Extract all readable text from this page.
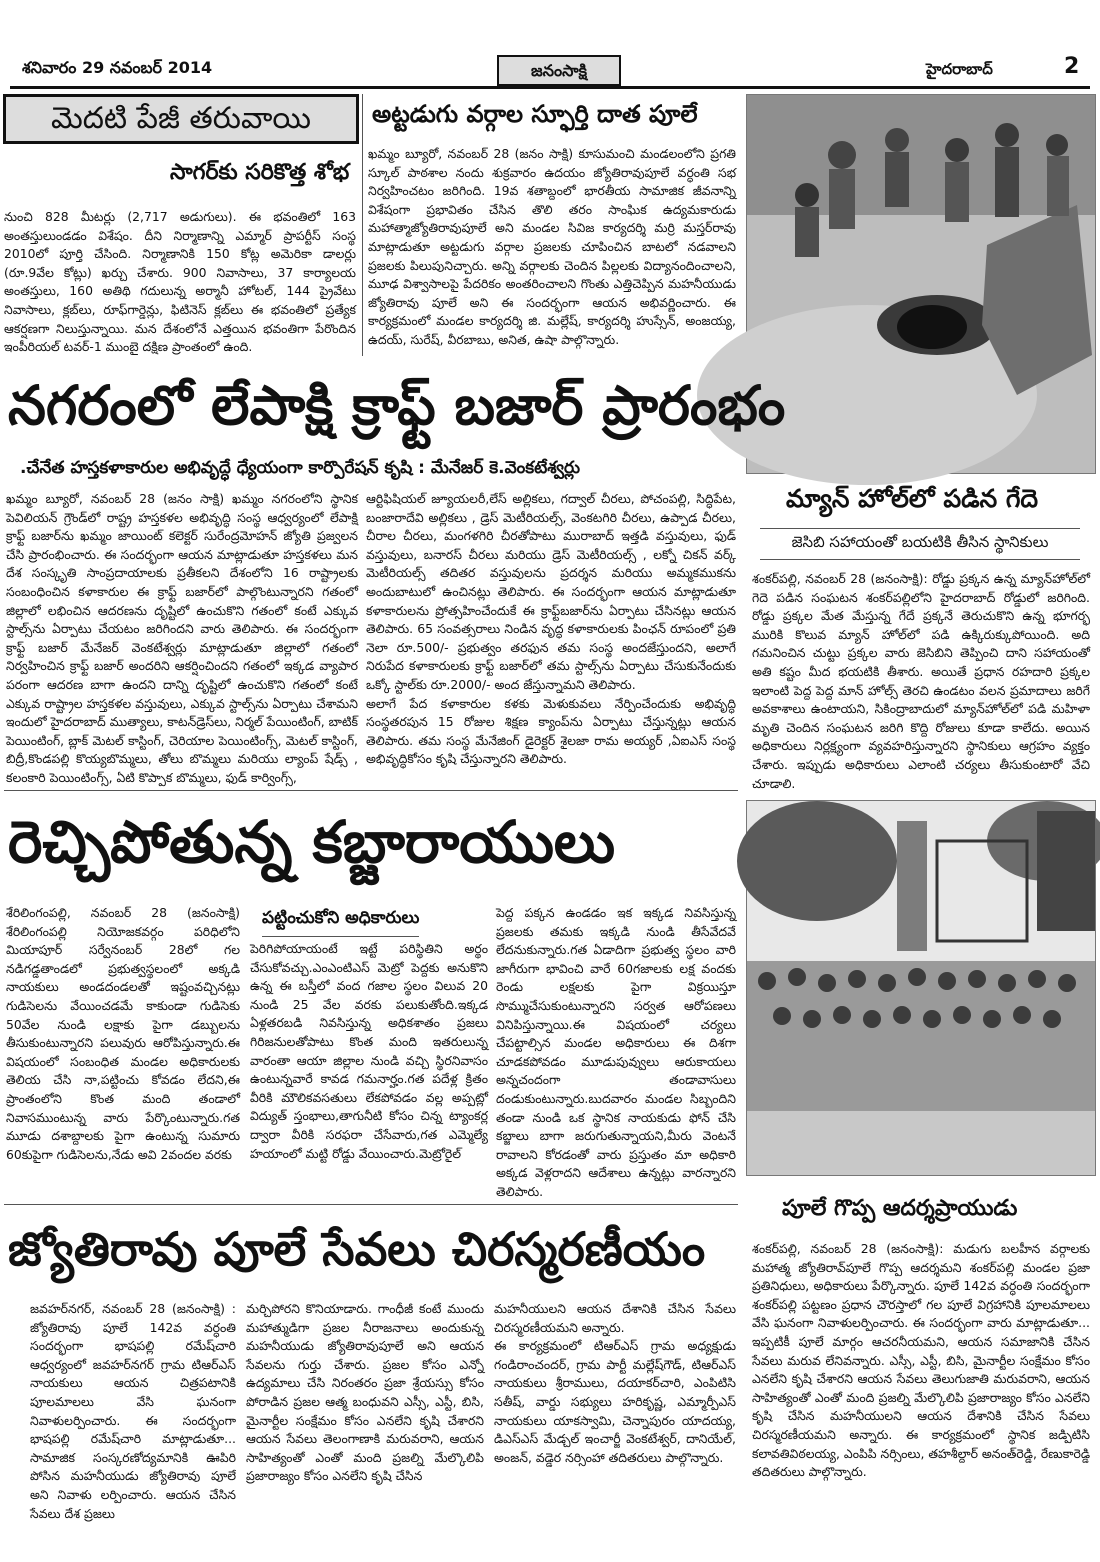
శనివారం 29 నవంబర్ 2014	జనంసాక్షి	హైదరాబాద్	2
మెదటి పేజీ తరువాయి
సాగర్‌కు సరికొత్త శోభ
నుంచి 828 మీటర్లు (2,717 అడుగులు). ఈ భవంతిలో 163 అంతస్తులుండడం విశేషం. దీని నిర్మాణాన్ని ఎమ్మార్‌ ప్రాపర్టీస్‌ సంస్థ 2010లో పూర్తి చేసింది. నిర్మాణానికి 150 కోట్ల అమెరికా డాలర్లు (రూ.9వేల కోట్లు) ఖర్చు చేశారు. 900 నివాసాలు, 37 కార్యాలయ అంతస్తులు, 160 అతిథి గదులున్న అర్మానీ హోటల్‌, 144 ప్రైవేటు నివాసాలు, క్లబ్‌లు, రూఫ్‌గార్డెన్లు, ఫిటినెస్‌ క్లబ్‌లు ఈ భవంతిలో ప్రత్యేక ఆకర్షణగా నిలుస్తున్నాయి. మన దేశంలోనే ఎత్తయిన భవంతిగా పేరొందిన ఇంపీరియల్‌ టవర్‌-1 ముంబై దక్షిణ ప్రాంతంలో ఉంది.
అట్టడుగు వర్గాల స్ఫూర్తి దాత పూలే
ఖమ్మం బ్యూరో, నవంబర్‌ 28 (జనం సాక్షి) కూసుమంచి మండలంలోని ప్రగతి స్కూల్‌ పాఠశాల నందు శుక్రవారం ఉదయం జ్యోతిరావుపూలే వర్ధంతి సభ నిర్వహించటం జరిగింది. 19వ శతాబ్దంలో భారతీయ సామాజిక జీవనాన్ని విశేషంగా ప్రభావితం చేసిన తొలి తరం సాంఘిక ఉద్యమకారుడు మహాత్మాజ్యోతిరావుపూలే అని మండల సివిజ కార్యదర్శి మర్రి మస్తర్‌రావు మాట్లాడుతూ అట్టడుగు వర్గాల ప్రజలకు చూపించిన బాటలో నడవాలని ప్రజలకు పిలుపునిచ్చారు. అన్ని వర్గాలకు చెందిన పిల్లలకు విద్యానందించాలని, మూఢ విశ్వాసాలపై పేదరికం అంతరించాలని గొంతు ఎత్తిచెప్పిన మహనీయుడు జ్యోతిరావు పూలే అని ఈ సందర్భంగా ఆయన అభివర్ణించారు. ఈ కార్యక్రమంలో మండల కార్యదర్శి జి. మల్లేష్‌, కార్యదర్శి హుస్సేన్‌, అంజయ్య, ఉదయ్‌, సురేష్‌, వీరబాబు, అనిత, ఉషా పాల్గొన్నారు.
నగరంలో లేపాక్షి క్రాఫ్ట్‌ బజార్‌ ప్రారంభం
.చేనేత హస్తకళాకారుల అభివృద్ధే ధ్యేయంగా కార్పొరేషన్‌ కృషి : మేనేజర్‌ కె.వెంకటేశ్వర్లు
ఖమ్మం బ్యూరో, నవంబర్‌ 28 (జనం సాక్షి) ఖమ్మం నగరంలోని స్థానిక పెవిలియన్‌ గ్రౌండ్‌లో రాష్ట్ర హస్తకళల అభివృద్ధి సంస్థ ఆధ్వర్యంలో లేపాక్షి క్రాఫ్ట్‌ బజార్‌ను ఖమ్మం జాయింట్‌ కలెక్టర్‌ సురేంద్రమోహన్‌ జ్యోతి ప్రజ్వలన చేసి ప్రారంభించారు. ఈ సందర్భంగా ఆయన మాట్లాడుతూ హస్తకళలు మన దేశ సంస్కృతి సాంప్రదాయాలకు ప్రతీకలని దేశంలోని 16 రాష్ట్రాలకు సంబంధించిన కళాకారుల ఈ క్రాఫ్ట్‌ బజార్‌లో పాల్గొంటున్నారని గతంలో జిల్లాలో లభించిన ఆదరణను దృష్టిలో ఉంచుకొని గతంలో కంటే ఎక్కువ స్టాల్స్‌ను ఏర్పాటు చేయటం జరిగిందని వారు తెలిపారు. ఈ సందర్భంగా క్రాఫ్ట్‌ బజార్‌ మేనేజర్‌ వెంకటేశ్వర్లు మాట్లాడుతూ జిల్లాలో గతంలో నిర్వహించిన క్రాఫ్ట్‌ బజార్‌ అందరిని ఆకర్షించిందని గతంలో ఇక్కడ వ్యాపార పరంగా ఆదరణ బాగా ఉందని దాన్ని దృష్టిలో ఉంచుకొని గతంలో కంటే ఎక్కువ రాష్ట్రాల హస్తకళల వస్తువులు, ఎక్కువ స్టాల్స్‌ను ఏర్పాటు చేశామని ఇందులో హైదరాబాద్‌ ముత్యాలు, కాటన్‌డ్రెస్‌లు, నిర్మల్‌ పేయింటింగ్‌, బాటిక్‌ పెయింటింగ్‌, బ్లాక్‌ మెటల్‌ కాస్టింగ్‌, చెరియాల పెయింటింగ్స్‌, మెటల్‌ కాస్టింగ్‌, బిద్రీ,కొండపల్లి కొయ్యబొమ్మలు, తోలు బొమ్మలు మరియు ల్యాంప్‌ షేడ్స్‌ , కలంకారి పెయింటింగ్స్‌, ఏటి కొప్పాక బొమ్మలు, ఫుడ్‌ కార్వింగ్స్‌,
ఆర్టిఫిషియల్‌ జ్యూయలరీ,లేస్‌ అల్లికలు, గద్వాల్‌ చీరలు, పోచంపల్లి, సిద్ధిపేట, బంజారాదేవి అల్లికలు , డ్రెస్‌ మెటీరియల్స్‌, వెంకటగిరి చీరలు, ఉప్పాడ చీరలు, చీరాల చీరలు, మంగళగిరి చీరతోపాటు మురాబాద్‌ ఇత్తడి వస్తువులు, ఫుడ్‌ వస్తువులు, బనారస్‌ చీరలు మరియు డ్రెస్‌ మెటీరియల్స్‌ , లక్నో చికన్‌ వర్క్‌ మెటీరియల్స్‌ తదితర వస్తువులను ప్రదర్శన మరియు అమ్మకముకను అందుబాటులో ఉంచినట్లు తెలిపారు. ఈ సందర్భంగా ఆయన మాట్లాడుతూ కళాకారులను ప్రోత్సహించేందుకే ఈ క్రాఫ్ట్‌బజార్‌ను ఏర్పాటు చేసినట్లు ఆయన తెలిపారు. 65 సంవత్సరాలు నిండిన వృద్ధ కళాకారులకు పింఛన్‌ రూపంలో ప్రతి నెలా రూ.500/- ప్రభుత్వం తరఫున తమ సంస్థ అందజేస్తుందని, అలాగే నిరుపేద కళాకారులకు క్రాఫ్ట్‌ బజార్‌లో తమ స్టాల్స్‌ను ఏర్పాటు చేసుకునేందుకు ఒక్కో స్టాల్‌కు రూ.2000/- అంద జేస్తున్నామని తెలిపారు.
అలాగే పేద కళాకారుల కళకు మెళుకువలు నేర్పించేందుకు అభివృద్ధి సంస్థతరపున 15 రోజుల శిక్షణ క్యాంప్‌ను ఏర్పాటు చేస్తున్నట్లు ఆయన తెలిపారు. తమ సంస్థ మేనేజింగ్‌ డైరెక్టర్‌ శైలజా రామ అయ్యర్‌ ,ఏఐఎస్‌ సంస్థ అభివృద్ధికోసం కృషి చేస్తున్నారని తెలిపారు.
మ్యాన్‌ హోల్‌లో పడిన గేదె
జెసిబి సహాయంతో బయటికి తీసిన స్థానికులు
శంకర్‌పల్లి, నవంబర్‌ 28 (జనంసాక్షి): రోడ్డు ప్రక్కన ఉన్న మ్యాన్‌హోల్‌లో గెదె పడిన సంఘటన శంకర్‌పల్లిలోని హైదరాబాద్‌ రోడ్డులో జరిగింది. రోడ్డు ప్రక్కల మేత మేస్తున్న గేదే ప్రక్కనే తెరుచుకొని ఉన్న భూగర్భ మురికి కొలువ మ్యాన్‌ హోల్‌లో పడి ఉక్కిరుక్కుపోయింది. అది గమనించిన చుట్టు ప్రక్కల వారు జెసిబిని తెప్పించి దాని సహాయంతో అతి కష్టం మీద భయటికి తీశారు. అయితే ప్రధాన రహదారి ప్రక్కల ఇలాంటి పెద్ద పెద్ద మాన్‌ హోల్స్‌ తెరచి ఉండటం వలన ప్రమాదాలు జరిగే అవకాశాలు ఉంటాయని, సికింద్రాబాదులో మ్యాన్‌హోల్‌లో పడి మహిళా మృతి చెందిన సంఘటన జరిగి కొద్ది రోజులు కూడా కాలేదు. అయిన అధికారులు నిర్లక్ష్యంగా వ్యవహరిస్తున్నారని స్థానికులు ఆగ్రహం వ్యక్తం చేశారు. ఇప్పుడు అధికారులు ఎలాంటి చర్యలు తీసుకుంటారో వేచి చూడాలి.
రెచ్చిపోతున్న కబ్జారాయులు
శేరిలింగంపల్లి, నవంబర్‌ 28 (జనంసాక్షి) శేరిలింగంపల్లి నియోజకవర్గం పరిధిలోని మియాపూర్‌ సర్వేనంబర్‌ 28లో గల నడిగడ్డతాండలో ప్రభుత్వస్థలంలో అక్కడి నాయకులు అండదండలతో ఇష్టంవచ్చినట్లు గుడిసెలను వేయించడమే కాకుండా గుడిసెకు 50వేల నుండి లక్షాకు పైగా డబ్బులను తీసుకుంటున్నారని పలువురు ఆరోపిస్తున్నారు.ఈ విషయంలో సంబంధిత మండల అధికారులకు తెలియ చేసి నా,పట్టించు కోవడం లేదని,ఈ ప్రాంతంలోని కొంత మంది తండాలో నివాసముంటున్న వారు పేర్కొంటున్నారు.గత మూడు దశాబ్దాలకు పైగా ఉంటున్న సుమారు 60కుపైగా గుడిసెలను,నేడు అవి 2వందల వరకు
పట్టించుకోని అధికారులు
పెరిగిపోయాయంటే ఇట్టే పరిస్థితిని అర్థం చేసుకోవచ్చు.ఎంఎంటిఎస్‌ మెట్రో పెద్దకు అనుకొని ఉన్న ఈ బస్తీలో వంద గజాల స్థలం విలువ 20 నుండి 25 వేల వరకు పలుకుతోంది.ఇక్కడ ఏళ్లతరబడి నివసిస్తున్న అధికశాతం ప్రజలు గిరిజనులతోపాటు కొంత మంది ఇతరులున్న వారంతా ఆయా జిల్లాల నుండి వచ్చి స్థిరనివాసం ఉంటున్నవారే కావడ గమనార్హం.గత పదేళ్ల క్రితం వీరికి మౌలికవసతులు లేకపోవడం వల్ల అప్పట్లో విద్యుత్‌ స్తంభాలు,తాగునీటి కోసం చిన్న ట్యాంకర్ల ద్వారా వీరికి సరఫరా చేసేవారు,గత ఎమ్మెల్యే హయాంలో మట్టి రోడ్డు వేయించారు.మెట్రోరైల్‌
పెద్ద పక్కన ఉండడం ఇక ఇక్కడ నివసిస్తున్న ప్రజలకు తమకు ఇక్కడి నుండి తీసేవేదవే లేదనుకున్నారు.గత ఏడాదిగా ప్రభుత్వ స్థలం వారి జాగీరుగా భావించి వారే 60గజాలకు లక్ష వందకు రెండు లక్షలకు పైగా విక్రయిస్తూ సొమ్ముచేసుకుంటున్నారని సర్వత ఆరోపణలు వినిపిస్తున్నాయి.ఈ విషయంలో చర్యలు చేపట్టాల్సిన మండల అధికారులు ఈ దిశగా చూడకపోవడం మూడుపువ్వులు ఆరుకాయలు అన్నచందంగా తండావాసులు దండుకుంటున్నారు.బుదవారం మండల సిబ్బందిని తండా నుండి ఒక స్థానిక నాయకుడు ఫోన్‌ చేసి కబ్జాలు బాగా జరుగుతున్నాయని,మీరు వెంటనే రావాలని కోరడంతో వారు ప్రస్తుతం మా అధికారి అక్కడ వెళ్లరాదని ఆదేశాలు ఉన్నట్లు వారన్నారని తెలిపారు.
పూలే గొప్ప ఆదర్శప్రాయుడు
శంకర్‌పల్లి, నవంబర్‌ 28 (జనంసాక్షి): మడుగు బలహీన వర్గాలకు మహాత్మ జ్యోతిరావ్‌పూలే గొప్ప ఆదర్శమని శంకర్‌పల్లి మండల ప్రజా ప్రతినిధులు, అధికారులు పేర్కొన్నారు. పూలే 142వ వర్ధంతి సందర్భంగా శంకర్‌పల్లి పట్టణం ప్రధాన చౌరస్తాలో గల పూలే విగ్రహానికి పూలమాలలు వేసి ఘనంగా నివాళులర్పించారు. ఈ సందర్భంగా వారు మాట్లాడుతూ... ఇప్పటికీ పూలే మార్గం ఆచరనీయమని, ఆయన సమాజానికి చేసిన సేవలు మరువ లేనివన్నారు. ఎస్సీ, ఎస్టీ, బిసి, మైనార్టీల సంక్షేమం కోసం ఎనలేని కృషి చేశారని ఆయన సేవలు తెలుగుజాతి మరువరాని, ఆయన సాహిత్యంతో ఎంతో మంది ప్రజల్ని మేల్కొలిపి ప్రజారాజ్యం కోసం ఎనలేని కృషి చేసిన మహనీయులని ఆయన దేశానికి చేసిన సేవలు చిరస్మరణీయమని అన్నారు. ఈ కార్యక్రమంలో స్థానిక జడ్పిటిసి కలావతివిఠలయ్య, ఎంపిపి నర్సింలు, తహశీల్దార్‌ అనంత్‌రెడ్డి, రేణుకారెడ్డి తదితరులు పాల్గొన్నారు.
జ్యోతిరావు పూలే సేవలు చిరస్మరణీయం
జవహర్‌నగర్‌, నవంబర్‌ 28 (జనంసాక్షి) : జ్యోతిరావు పూలే 142వ వర్ధంతి సందర్భంగా భాషపల్లి రమేష్‌చారి ఆధ్వర్యంలో జవహర్‌నగర్‌ గ్రామ టిఆర్‌ఎస్‌ నాయకులు ఆయన చిత్రపటానికి పూలమాలలు వేసి ఘనంగా నివాళులర్పించారు. ఈ సందర్భంగా భాషపల్లి రమేష్‌చారి మాట్లాడుతూ... సామాజిక సంస్కరణోద్యమానికి ఊపిరి పోసిన మహనీయుడు జ్యోతిరావు పూలే అని నివాళు లర్పించారు. ఆయన చేసిన సేవలు దేశ ప్రజలు
మర్చిపోరని కొనియాడారు. గాంధీజీ కంటే ముందు మహాత్ముడిగా ప్రజల నీరాజనాలు అందుకున్న మహనీయుడు జ్యోతిరావుపూలే అని ఆయన సేవలను గుర్తు చేశారు. ప్రజల కోసం ఎన్నో ఉద్యమాలు చేసి నిరంతరం ప్రజా శ్రేయస్సు కోసం పోరాడిన ప్రజల ఆత్మ బంధువని ఎస్సీ, ఎస్టీ, బిసి, మైనార్టీల సంక్షేమం కోసం ఎనలేని కృషి చేశారని ఆయన సేవలు తెలంగాణాకి మరువరాని, ఆయన సాహిత్యంతో ఎంతో మంది ప్రజల్ని మేల్కొలిపి ప్రజారాజ్యం కోసం ఎనలేని కృషి చేసిన
మహనీయులని ఆయన దేశానికి చేసిన సేవలు చిరస్మరణీయమని అన్నారు.
ఈ కార్యక్రమంలో టిఆర్‌ఎస్‌ గ్రామ అధ్యక్షుడు గండిరాంచందర్‌, గ్రామ పార్టీ మల్లేష్‌గౌడ్‌, టిఆర్‌ఎస్‌ నాయకులు శ్రీరాములు, దయాకర్‌చారి, ఎంపిటిసి సతీష్‌, వార్డు సభ్యులు హరికృష్ణ, ఎమ్మార్పీఎస్‌ నాయకులు యాకస్వామి, చెన్నాపురం యాదయ్య, డిఎస్‌ఎస్‌ మేడ్చల్‌ ఇంచార్జీ వెంకటేశ్వర్‌, దానియేల్‌, అంజన్‌, వడ్డెర నర్సింహా తదితరులు పాల్గొన్నారు.
